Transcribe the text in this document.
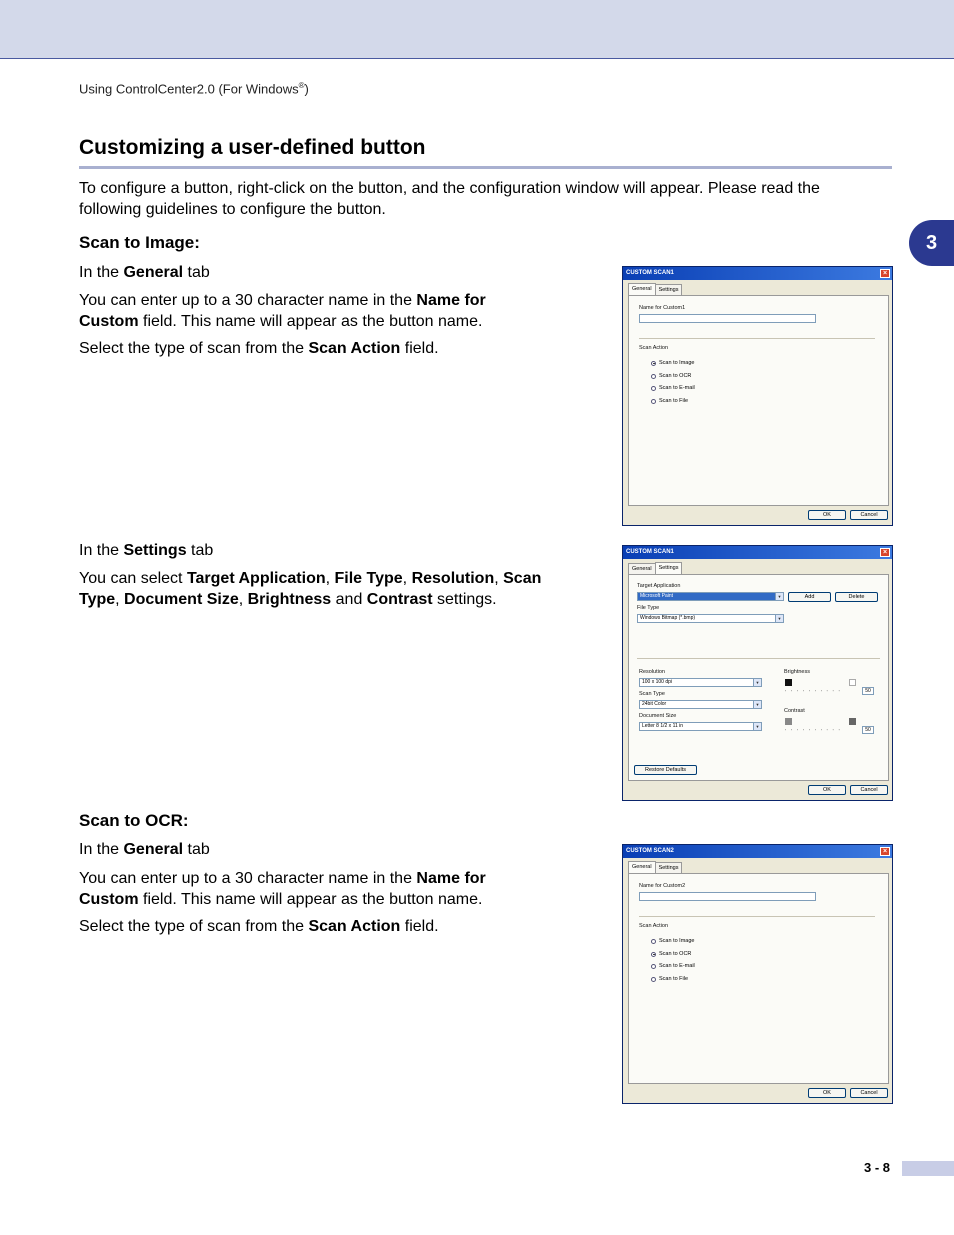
Using ControlCenter2.0 (For Windows®)
Customizing a user-defined button
To configure a button, right-click on the button, and the configuration window will appear. Please read the following guidelines to configure the button.
3
Scan to Image:
In the General tab
You can enter up to a 30 character name in the Name for Custom field. This name will appear as the button name.
Select the type of scan from the Scan Action field.
In the Settings tab
You can select Target Application, File Type, Resolution, Scan Type, Document Size, Brightness and Contrast settings.
Scan to OCR:
In the General tab
You can enter up to a 30 character name in the Name for Custom field. This name will appear as the button name.
Select the type of scan from the Scan Action field.
CUSTOM SCAN1	×
General	Settings
Name for Custom1
Scan Action
Scan to Image
Scan to OCR
Scan to E-mail
Scan to File
OK	Cancel
CUSTOM SCAN1	×
General	Settings
Target Application
Microsoft Paint	▼	Add	Delete
File Type
Windows Bitmap (*.bmp)	▼
Resolution
100 x 100 dpi	▼
Scan Type
24bit Color	▼
Document Size
Letter 8 1/2 x 11 in	▼
Brightness
''''''''''	50
Contrast
''''''''''	50
Restore Defaults
OK	Cancel
CUSTOM SCAN2	×
General	Settings
Name for Custom2
Scan Action
Scan to Image
Scan to OCR
Scan to E-mail
Scan to File
OK	Cancel
3 - 8
